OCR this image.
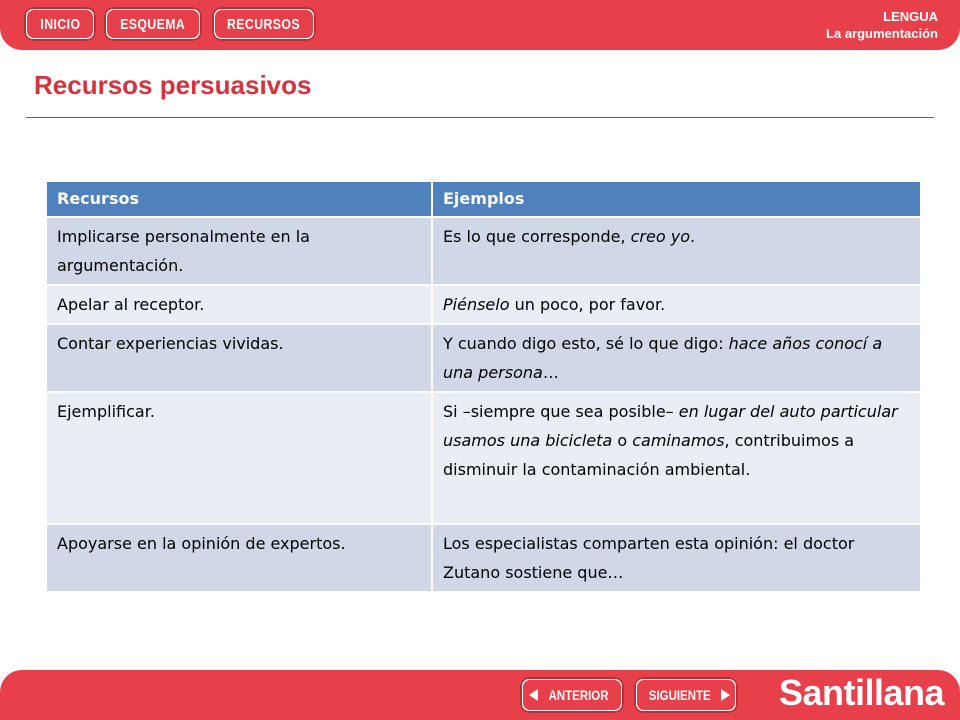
INICIO	ESQUEMA	RECURSOS	LENGUA
La argumentación
Recursos persuasivos
Recursos	Ejemplos
Implicarse personalmente en la argumentación.	Es lo que corresponde, creo yo.
Apelar al receptor.	Piénselo un poco, por favor.
Contar experiencias vividas.	Y cuando digo esto, sé lo que digo: hace años conocí a una persona…
Ejemplificar.	Si –siempre que sea posible– en lugar del auto particular usamos una bicicleta o caminamos, contribuimos a disminuir la contaminación ambiental.
Apoyarse en la opinión de expertos.	Los especialistas comparten esta opinión: el doctor Zutano sostiene que…
ANTERIOR	SIGUIENTE Santillana
